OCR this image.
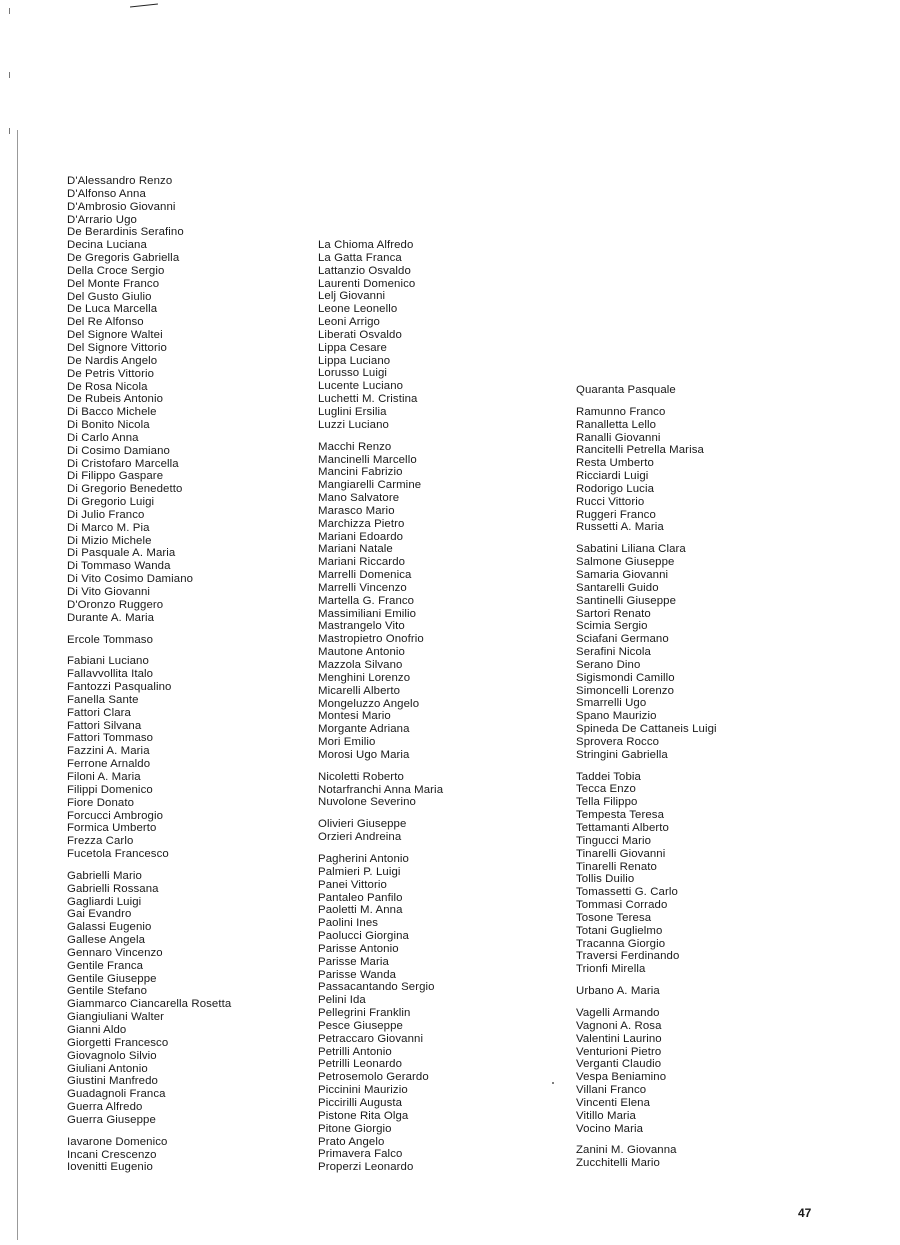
D'Alessandro Renzo
D'Alfonso Anna
D'Ambrosio Giovanni
D'Arrario Ugo
De Berardinis Serafino
Decina Luciana
De Gregoris Gabriella
Della Croce Sergio
Del Monte Franco
Del Gusto Giulio
De Luca Marcella
Del Re Alfonso
Del Signore Waltei
Del Signore Vittorio
De Nardis Angelo
De Petris Vittorio
De Rosa Nicola
De Rubeis Antonio
Di Bacco Michele
Di Bonito Nicola
Di Carlo Anna
Di Cosimo Damiano
Di Cristofaro Marcella
Di Filippo Gaspare
Di Gregorio Benedetto
Di Gregorio Luigi
Di Julio Franco
Di Marco M. Pia
Di Mizio Michele
Di Pasquale A. Maria
Di Tommaso Wanda
Di Vito Cosimo Damiano
Di Vito Giovanni
D'Oronzo Ruggero
Durante A. Maria
Ercole Tommaso
Fabiani Luciano
Fallavvollita Italo
Fantozzi Pasqualino
Fanella Sante
Fattori Clara
Fattori Silvana
Fattori Tommaso
Fazzini A. Maria
Ferrone Arnaldo
Filoni A. Maria
Filippi Domenico
Fiore Donato
Forcucci Ambrogio
Formica Umberto
Frezza Carlo
Fucetola Francesco
Gabrielli Mario
Gabrielli Rossana
Gagliardi Luigi
Gai Evandro
Galassi Eugenio
Gallese Angela
Gennaro Vincenzo
Gentile Franca
Gentile Giuseppe
Gentile Stefano
Giammarco Ciancarella Rosetta
Giangiuliani Walter
Gianni Aldo
Giorgetti Francesco
Giovagnolo Silvio
Giuliani Antonio
Giustini Manfredo
Guadagnoli Franca
Guerra Alfredo
Guerra Giuseppe
Iavarone Domenico
Incani Crescenzo
Iovenitti Eugenio
La Chioma Alfredo
La Gatta Franca
Lattanzio Osvaldo
Laurenti Domenico
Lelj Giovanni
Leone Leonello
Leoni Arrigo
Liberati Osvaldo
Lippa Cesare
Lippa Luciano
Lorusso Luigi
Lucente Luciano
Luchetti M. Cristina
Luglini Ersilia
Luzzi Luciano
Macchi Renzo
Mancinelli Marcello
Mancini Fabrizio
Mangiarelli Carmine
Mano Salvatore
Marasco Mario
Marchizza Pietro
Mariani Edoardo
Mariani Natale
Mariani Riccardo
Marrelli Domenica
Marrelli Vincenzo
Martella G. Franco
Massimiliani Emilio
Mastrangelo Vito
Mastropietro Onofrio
Mautone Antonio
Mazzola Silvano
Menghini Lorenzo
Micarelli Alberto
Mongeluzzo Angelo
Montesi Mario
Morgante Adriana
Mori Emilio
Morosi Ugo Maria
Nicoletti Roberto
Notarfranchi Anna Maria
Nuvolone Severino
Olivieri Giuseppe
Orzieri Andreina
Pagherini Antonio
Palmieri P. Luigi
Panei Vittorio
Pantaleo Panfilo
Paoletti M. Anna
Paolini Ines
Paolucci Giorgina
Parisse Antonio
Parisse Maria
Parisse Wanda
Passacantando Sergio
Pelini Ida
Pellegrini Franklin
Pesce Giuseppe
Petraccaro Giovanni
Petrilli Antonio
Petrilli Leonardo
Petrosemolo Gerardo
Piccinini Maurizio
Piccirilli Augusta
Pistone Rita Olga
Pitone Giorgio
Prato Angelo
Primavera Falco
Properzi Leonardo
Quaranta Pasquale
Ramunno Franco
Ranalletta Lello
Ranalli Giovanni
Rancitelli Petrella Marisa
Resta Umberto
Ricciardi Luigi
Rodorigo Lucia
Rucci Vittorio
Ruggeri Franco
Russetti A. Maria
Sabatini Liliana Clara
Salmone Giuseppe
Samaria Giovanni
Santarelli Guido
Santinelli Giuseppe
Sartori Renato
Scimia Sergio
Sciafani Germano
Serafini Nicola
Serano Dino
Sigismondi Camillo
Simoncelli Lorenzo
Smarrelli Ugo
Spano Maurizio
Spineda De Cattaneis Luigi
Sprovera Rocco
Stringini Gabriella
Taddei Tobia
Tecca Enzo
Tella Filippo
Tempesta Teresa
Tettamanti Alberto
Tingucci Mario
Tinarelli Giovanni
Tinarelli Renato
Tollis Duilio
Tomassetti G. Carlo
Tommasi Corrado
Tosone Teresa
Totani Guglielmo
Tracanna Giorgio
Traversi Ferdinando
Trionfi Mirella
Urbano A. Maria
Vagelli Armando
Vagnoni A. Rosa
Valentini Laurino
Venturioni Pietro
Verganti Claudio
Vespa Beniamino
Villani Franco
Vincenti Elena
Vitillo Maria
Vocino Maria
Zanini M. Giovanna
Zucchitelli Mario
47
